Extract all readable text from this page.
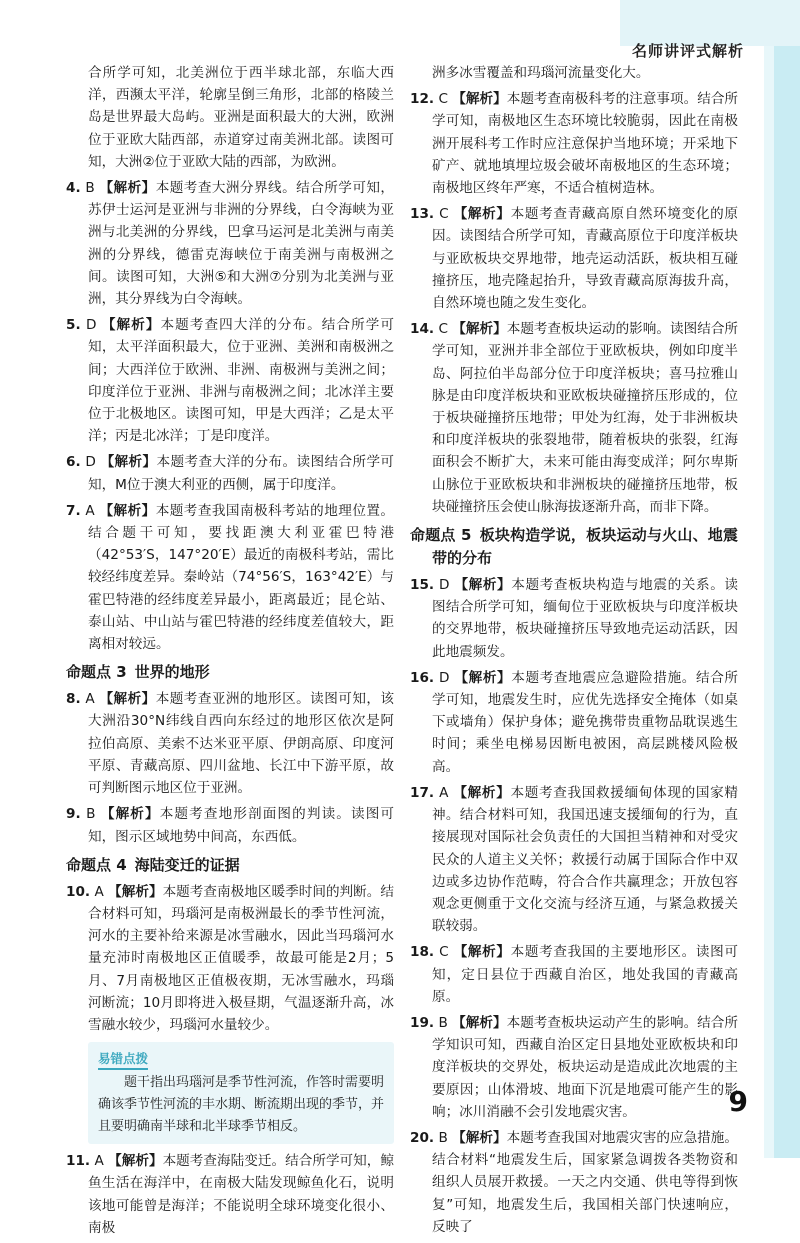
名师讲评式解析
9

合所学可知，北美洲位于西半球北部，东临大西洋，西濒太平洋，轮廓呈倒三角形，北部的格陵兰岛是世界最大岛屿。亚洲是面积最大的大洲，欧洲位于亚欧大陆西部，赤道穿过南美洲北部。读图可知，大洲②位于亚欧大陆的西部，为欧洲。

4. B 【解析】本题考查大洲分界线。结合所学可知，苏伊士运河是亚洲与非洲的分界线，白令海峡为亚洲与北美洲的分界线，巴拿马运河是北美洲与南美洲的分界线，德雷克海峡位于南美洲与南极洲之间。读图可知，大洲⑤和大洲⑦分别为北美洲与亚洲，其分界线为白令海峡。

5. D 【解析】本题考查四大洋的分布。结合所学可知，太平洋面积最大，位于亚洲、美洲和南极洲之间；大西洋位于欧洲、非洲、南极洲与美洲之间；印度洋位于亚洲、非洲与南极洲之间；北冰洋主要位于北极地区。读图可知，甲是大西洋；乙是太平洋；丙是北冰洋；丁是印度洋。

6. D 【解析】本题考查大洋的分布。读图结合所学可知，M位于澳大利亚的西侧，属于印度洋。

7. A 【解析】本题考查我国南极科考站的地理位置。结合题干可知，要找距澳大利亚霍巴特港（42°53′S，147°20′E）最近的南极科考站，需比较经纬度差异。秦岭站（74°56′S，163°42′E）与霍巴特港的经纬度差异最小，距离最近；昆仑站、泰山站、中山站与霍巴特港的经纬度差值较大，距离相对较远。

命题点 3 世界的地形

8. A 【解析】本题考查亚洲的地形区。读图可知，该大洲沿30°N纬线自西向东经过的地形区依次是阿拉伯高原、美索不达米亚平原、伊朗高原、印度河平原、青藏高原、四川盆地、长江中下游平原，故可判断图示地区位于亚洲。

9. B 【解析】本题考查地形剖面图的判读。读图可知，图示区域地势中间高，东西低。

命题点 4 海陆变迁的证据

10. A 【解析】本题考查南极地区暖季时间的判断。结合材料可知，玛瑙河是南极洲最长的季节性河流，河水的主要补给来源是冰雪融水，因此当玛瑙河水量充沛时南极地区正值暖季，故最可能是2月；5月、7月南极地区正值极夜期，无冰雪融水，玛瑙河断流；10月即将进入极昼期，气温逐渐升高，冰雪融水较少，玛瑙河水量较少。

易错点拨
题干指出玛瑙河是季节性河流，作答时需要明确该季节性河流的丰水期、断流期出现的季节，并且要明确南半球和北半球季节相反。

11. A 【解析】本题考查海陆变迁。结合所学可知，鲸鱼生活在海洋中，在南极大陆发现鲸鱼化石，说明该地可能曾是海洋；不能说明全球环境变化很小、南极

洲多冰雪覆盖和玛瑙河流量变化大。

12. C 【解析】本题考查南极科考的注意事项。结合所学可知，南极地区生态环境比较脆弱，因此在南极洲开展科考工作时应注意保护当地环境；开采地下矿产、就地填埋垃圾会破坏南极地区的生态环境；南极地区终年严寒，不适合植树造林。

13. C 【解析】本题考查青藏高原自然环境变化的原因。读图结合所学可知，青藏高原位于印度洋板块与亚欧板块交界地带，地壳运动活跃，板块相互碰撞挤压，地壳隆起抬升，导致青藏高原海拔升高，自然环境也随之发生变化。

14. C 【解析】本题考查板块运动的影响。读图结合所学可知，亚洲并非全部位于亚欧板块，例如印度半岛、阿拉伯半岛部分位于印度洋板块；喜马拉雅山脉是由印度洋板块和亚欧板块碰撞挤压形成的，位于板块碰撞挤压地带；甲处为红海，处于非洲板块和印度洋板块的张裂地带，随着板块的张裂，红海面积会不断扩大，未来可能由海变成洋；阿尔卑斯山脉位于亚欧板块和非洲板块的碰撞挤压地带，板块碰撞挤压会使山脉海拔逐渐升高，而非下降。

命题点 5 板块构造学说，板块运动与火山、地震带的分布

15. D 【解析】本题考查板块构造与地震的关系。读图结合所学可知，缅甸位于亚欧板块与印度洋板块的交界地带，板块碰撞挤压导致地壳运动活跃，因此地震频发。

16. D 【解析】本题考查地震应急避险措施。结合所学可知，地震发生时，应优先选择安全掩体（如桌下或墙角）保护身体；避免携带贵重物品耽误逃生时间；乘坐电梯易因断电被困，高层跳楼风险极高。

17. A 【解析】本题考查我国救援缅甸体现的国家精神。结合材料可知，我国迅速支援缅甸的行为，直接展现对国际社会负责任的大国担当精神和对受灾民众的人道主义关怀；救援行动属于国际合作中双边或多边协作范畴，符合合作共赢理念；开放包容观念更侧重于文化交流与经济互通，与紧急救援关联较弱。

18. C 【解析】本题考查我国的主要地形区。读图可知，定日县位于西藏自治区，地处我国的青藏高原。

19. B 【解析】本题考查板块运动产生的影响。结合所学知识可知，西藏自治区定日县地处亚欧板块和印度洋板块的交界处，板块运动是造成此次地震的主要原因；山体滑坡、地面下沉是地震可能产生的影响；冰川消融不会引发地震灾害。

20. B 【解析】本题考查我国对地震灾害的应急措施。结合材料“地震发生后，国家紧急调拨各类物资和组织人员展开救援。一天之内交通、供电等得到恢复”可知，地震发生后，我国相关部门快速响应，反映了
